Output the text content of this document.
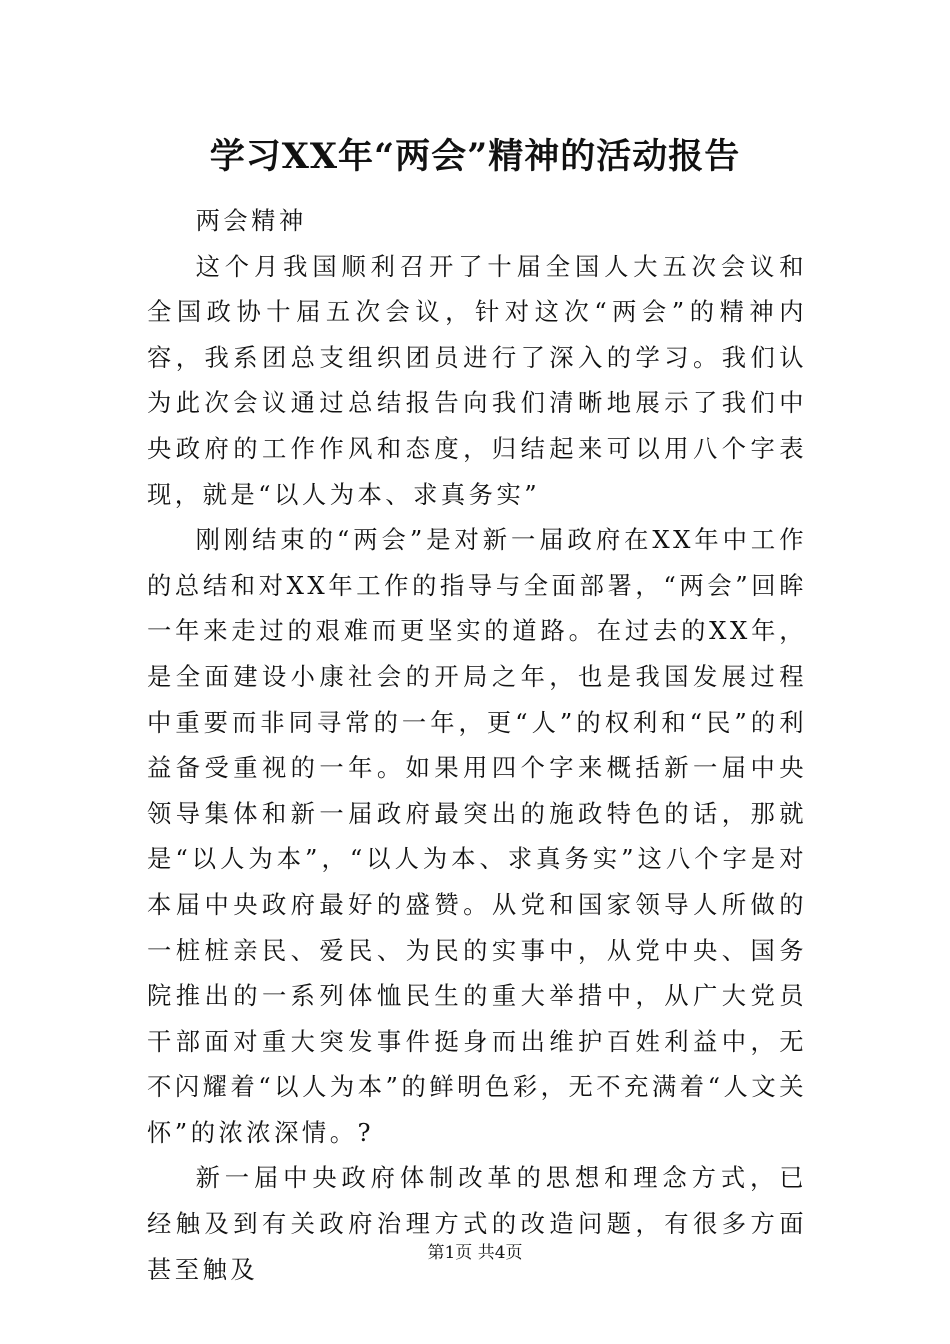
学习XX年“两会”精神的活动报告

两会精神

这个月我国顺利召开了十届全国人大五次会议和全国政协十届五次会议，针对这次“两会”的精神内容，我系团总支组织团员进行了深入的学习。我们认为此次会议通过总结报告向我们清晰地展示了我们中央政府的工作作风和态度，归结起来可以用八个字表现，就是“以人为本、求真务实”

刚刚结束的“两会”是对新一届政府在XX年中工作的总结和对XX年工作的指导与全面部署，“两会”回眸一年来走过的艰难而更坚实的道路。在过去的XX年，是全面建设小康社会的开局之年，也是我国发展过程中重要而非同寻常的一年，更“人”的权利和“民”的利益备受重视的一年。如果用四个字来概括新一届中央领导集体和新一届政府最突出的施政特色的话，那就是“以人为本”，“以人为本、求真务实”这八个字是对本届中央政府最好的盛赞。从党和国家领导人所做的一桩桩亲民、爱民、为民的实事中，从党中央、国务院推出的一系列体恤民生的重大举措中，从广大党员干部面对重大突发事件挺身而出维护百姓利益中，无不闪耀着“以人为本”的鲜明色彩，无不充满着“人文关怀”的浓浓深情。?

新一届中央政府体制改革的思想和理念方式，已经触及到有关政府治理方式的改造问题，有很多方面甚至触及

第1页 共4页
